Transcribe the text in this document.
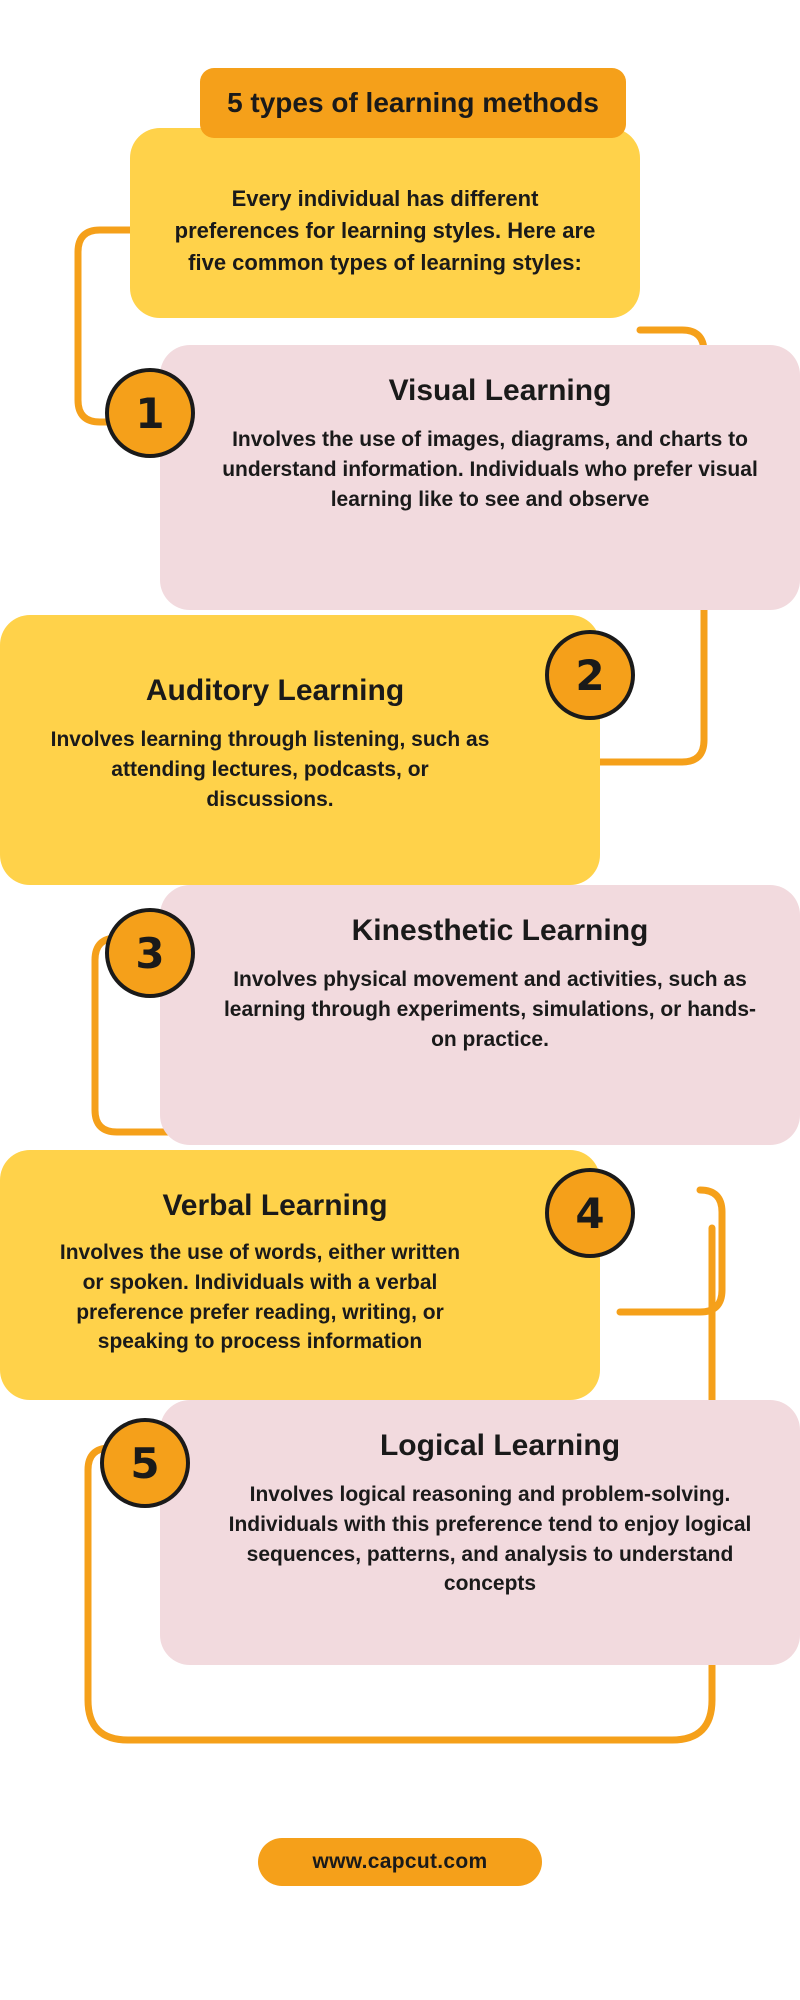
5 types of learning methods
Every individual has different preferences for learning styles. Here are five common types of learning styles:
Visual Learning
Involves the use of images, diagrams, and charts to understand information. Individuals who prefer visual learning like to see and observe
1
Auditory Learning
Involves learning through listening, such as attending lectures, podcasts, or discussions.
2
Kinesthetic Learning
Involves physical movement and activities, such as learning through experiments, simulations, or hands-on practice.
3
Verbal Learning
Involves the use of words, either written or spoken. Individuals with a verbal preference prefer reading, writing, or speaking to process information
4
Logical Learning
Involves logical reasoning and problem-solving. Individuals with this preference tend to enjoy logical sequences, patterns, and analysis to understand concepts
5
www.capcut.com
